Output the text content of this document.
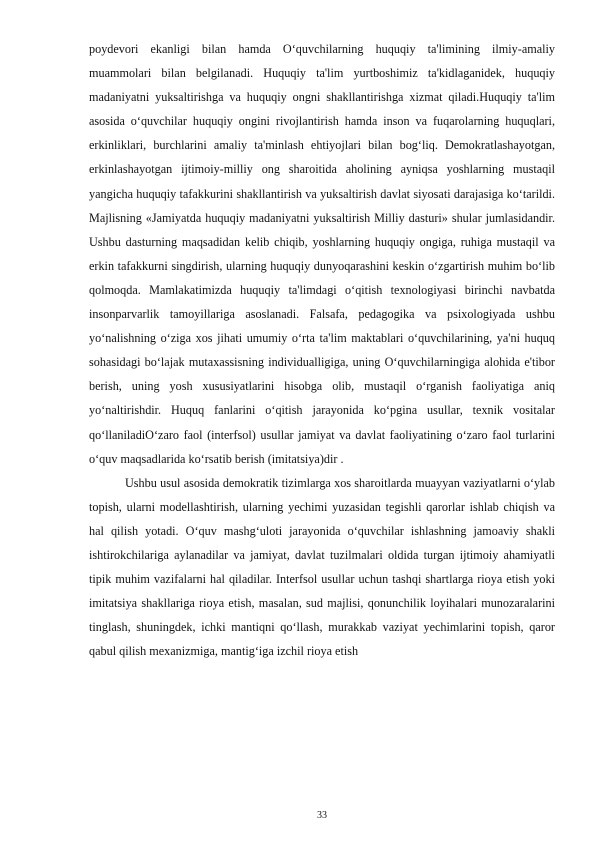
poydevori ekanligi bilan hamda O‘quvchilarning huquqiy ta'limining ilmiy-amaliy muammolari bilan belgilanadi. Huquqiy ta'lim yurtboshimiz ta'kidlaganidek, huquqiy madaniyatni yuksaltirishga va huquqiy ongni shakllantirishga xizmat qiladi.Huquqiy ta'lim asosida o‘quvchilar huquqiy ongini rivojlantirish hamda inson va fuqarolarning huquqlari, erkinliklari, burchlarini amaliy ta'minlash ehtiyojlari bilan bog‘liq. Demokratlashayotgan, erkinlashayotgan ijtimoiy-milliy ong sharoitida aholining ayniqsa yoshlarning mustaqil yangicha huquqiy tafakkurini shakllantirish va yuksaltirish davlat siyosati darajasiga ko‘tarildi. Majlisning «Jamiyatda huquqiy madaniyatni yuksaltirish Milliy dasturi» shular jumlasidandir. Ushbu dasturning maqsadidan kelib chiqib, yoshlarning huquqiy ongiga, ruhiga mustaqil va erkin tafakkurni singdirish, ularning huquqiy dunyoqarashini keskin o‘zgartirish muhim bo‘lib qolmoqda. Mamlakatimizda huquqiy ta'limdagi o‘qitish texnologiyasi birinchi navbatda insonparvarlik tamoyillariga asoslanadi. Falsafa, pedagogika va psixologiyada ushbu yo‘nalishning o‘ziga xos jihati umumiy o‘rta ta'lim maktablari o‘quvchilarining, ya'ni huquq sohasidagi bo‘lajak mutaxassisning individualligiga, uning O‘quvchilarningiga alohida e'tibor berish, uning yosh xususiyatlarini hisobga olib, mustaqil o‘rganish faoliyatiga aniq yo‘naltirishdir. Huquq fanlarini o‘qitish jarayonida ko‘pgina usullar, texnik vositalar qo‘llaniladiO‘zaro faol (interfsol) usullar jamiyat va davlat faoliyatining o‘zaro faol turlarini o‘quv maqsadlarida ko‘rsatib berish (imitatsiya)dir .

Ushbu usul asosida demokratik tizimlarga xos sharoitlarda muayyan vaziyatlarni o‘ylab topish, ularni modellashtirish, ularning yechimi yuzasidan tegishli qarorlar ishlab chiqish va hal qilish yotadi. O‘quv mashg‘uloti jarayonida o‘quvchilar ishlashning jamoaviy shakli ishtirokchilariga aylanadilar va jamiyat, davlat tuzilmalari oldida turgan ijtimoiy ahamiyatli tipik muhim vazifalarni hal qiladilar. Interfsol usullar uchun tashqi shartlarga rioya etish yoki imitatsiya shakllariga rioya etish, masalan, sud majlisi, qonunchilik loyihalari munozaralarini tinglash, shuningdek, ichki mantiqni qo‘llash, murakkab vaziyat yechimlarini topish, qaror qabul qilish mexanizmiga, mantig‘iga izchil rioya etish

33
